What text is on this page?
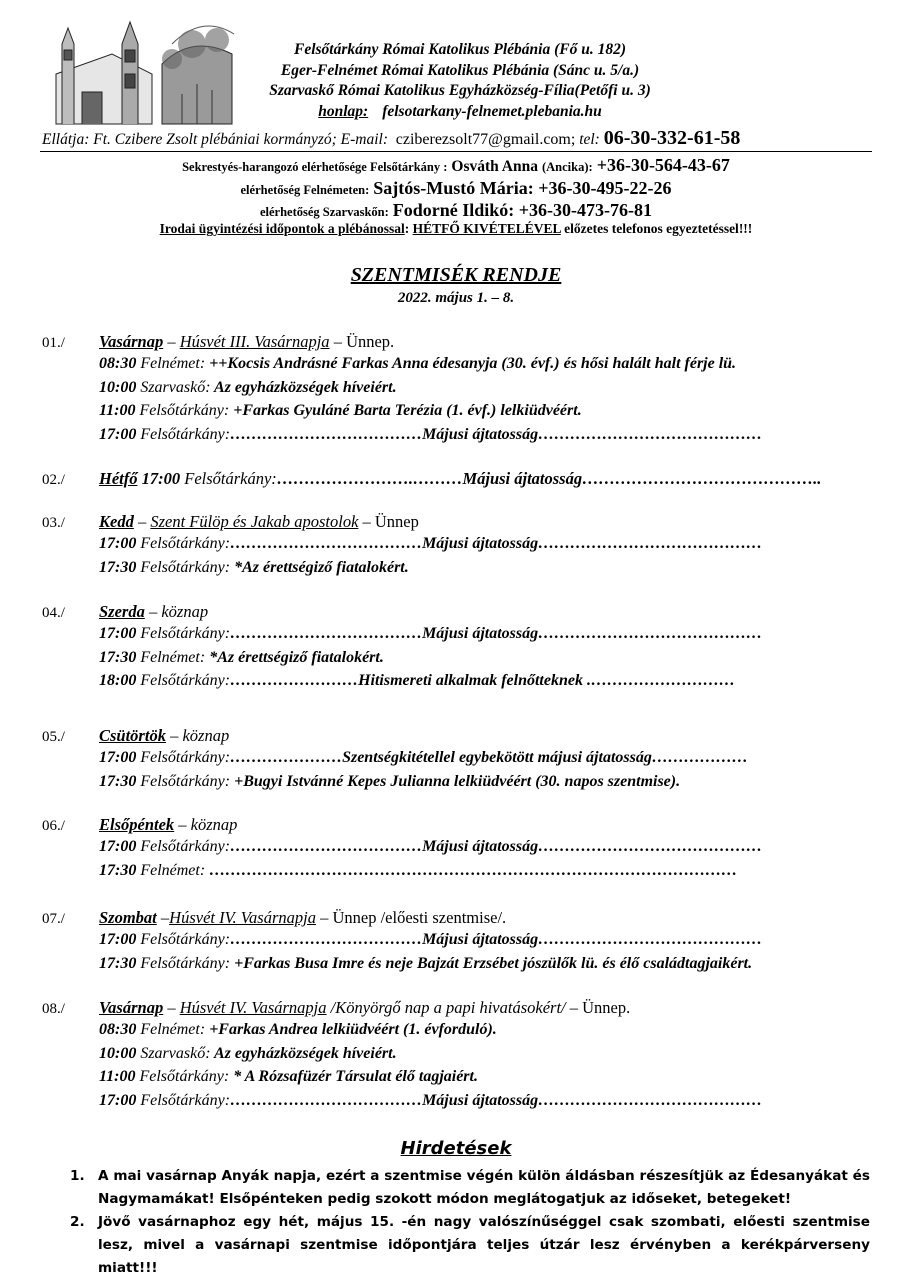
Felsőtárkány Római Katolikus Plébánia (Fő u. 182)
Eger-Felnémet Római Katolikus Plébánia (Sánc u. 5/a.)
Szarvaskő Római Katolikus Egyházközség-Fília(Petőfi u. 3)
honlap: felsotarkany-felnemet.plebania.hu
Ellátja: Ft. Czibere Zsolt plébániai kormányzó; E-mail: cziberezsolt77@gmail.com; tel: 06-30-332-61-58
Sekrestyés-harangozó elérhetősége Felsőtárkány : Osváth Anna (Ancika): +36-30-564-43-67
elérhetőség Felnémeten: Sajtós-Mustó Mária: +36-30-495-22-26
elérhetőség Szarvaskőn: Fodorné Ildikó: +36-30-473-76-81
Irodai ügyintézési időpontok a plébánossal: HÉTFŐ KIVÉTELÉVEL előzetes telefonos egyeztetéssel!!!
SZENTMISÉK RENDJE
2022. május 1. – 8.
01./ Vasárnap – Húsvét III. Vasárnapja – Ünnep.
08:30 Felnémet: ++Kocsis Andrásné Farkas Anna édesanyja (30. évf.) és hősi halált halt férje lü.
10:00 Szarvaskő: Az egyházközségek híveiért.
11:00 Felsőtárkány: +Farkas Gyuláné Barta Terézia (1. évf.) lelkiüdvéért.
17:00 Felsőtárkány:………………………………Májusi ájtatosság……………………………………
02./ Hétfő 17:00 Felsőtárkány:…………………….………Májusi ájtatosság……………………………………..
03./ Kedd – Szent Fülöp és Jakab apostolok – Ünnep
17:00 Felsőtárkány:………………………………Májusi ájtatosság……………………………………
17:30 Felsőtárkány: *Az érettségiző fiatalokért.
04./ Szerda – köznap
17:00 Felsőtárkány:………………………………Májusi ájtatosság……………………………………
17:30 Felnémet: *Az érettségiző fiatalokért.
18:00 Felsőtárkány:……………………Hitismereti alkalmak felnőtteknek .………………………
05./ Csütörtök – köznap
17:00 Felsőtárkány:…………………Szentségkitétellel egybekötött májusi ájtatosság………………
17:30 Felsőtárkány: +Bugyi Istvánné Kepes Julianna lelkiüdvéért (30. napos szentmise).
06./ Elsőpéntek – köznap
17:00 Felsőtárkány:………………………………Májusi ájtatosság……………………………………
17:30 Felnémet: ………………………………………………………………………………………
07./ Szombat –Húsvét IV. Vasárnapja – Ünnep /előesti szentmise/.
17:00 Felsőtárkány:………………………………Májusi ájtatosság……………………………………
17:30 Felsőtárkány: +Farkas Busa Imre és neje Bajzát Erzsébet jószülők lü. és élő családtagjaikért.
08./ Vasárnap – Húsvét IV. Vasárnapja /Könyörgő nap a papi hivatásokért/ – Ünnep.
08:30 Felnémet: +Farkas Andrea lelkiüdvéért (1. évforduló).
10:00 Szarvaskő: Az egyházközségek híveiért.
11:00 Felsőtárkány: * A Rózsafüzér Társulat élő tagjaiért.
17:00 Felsőtárkány:………………………………Májusi ájtatosság……………………………………
Hirdetések
1. A mai vasárnap Anyák napja, ezért a szentmise végén külön áldásban részesítjük az Édesanyákat és Nagymamákat! Elsőpénteken pedig szokott módon meglátogatjuk az időseket, betegeket!
2. Jövő vasárnaphoz egy hét, május 15. -én nagy valószínűséggel csak szombati, előesti szentmise lesz, mivel a vasárnapi szentmise időpontjára teljes útzár lesz érvényben a kerékpárverseny miatt!!!
